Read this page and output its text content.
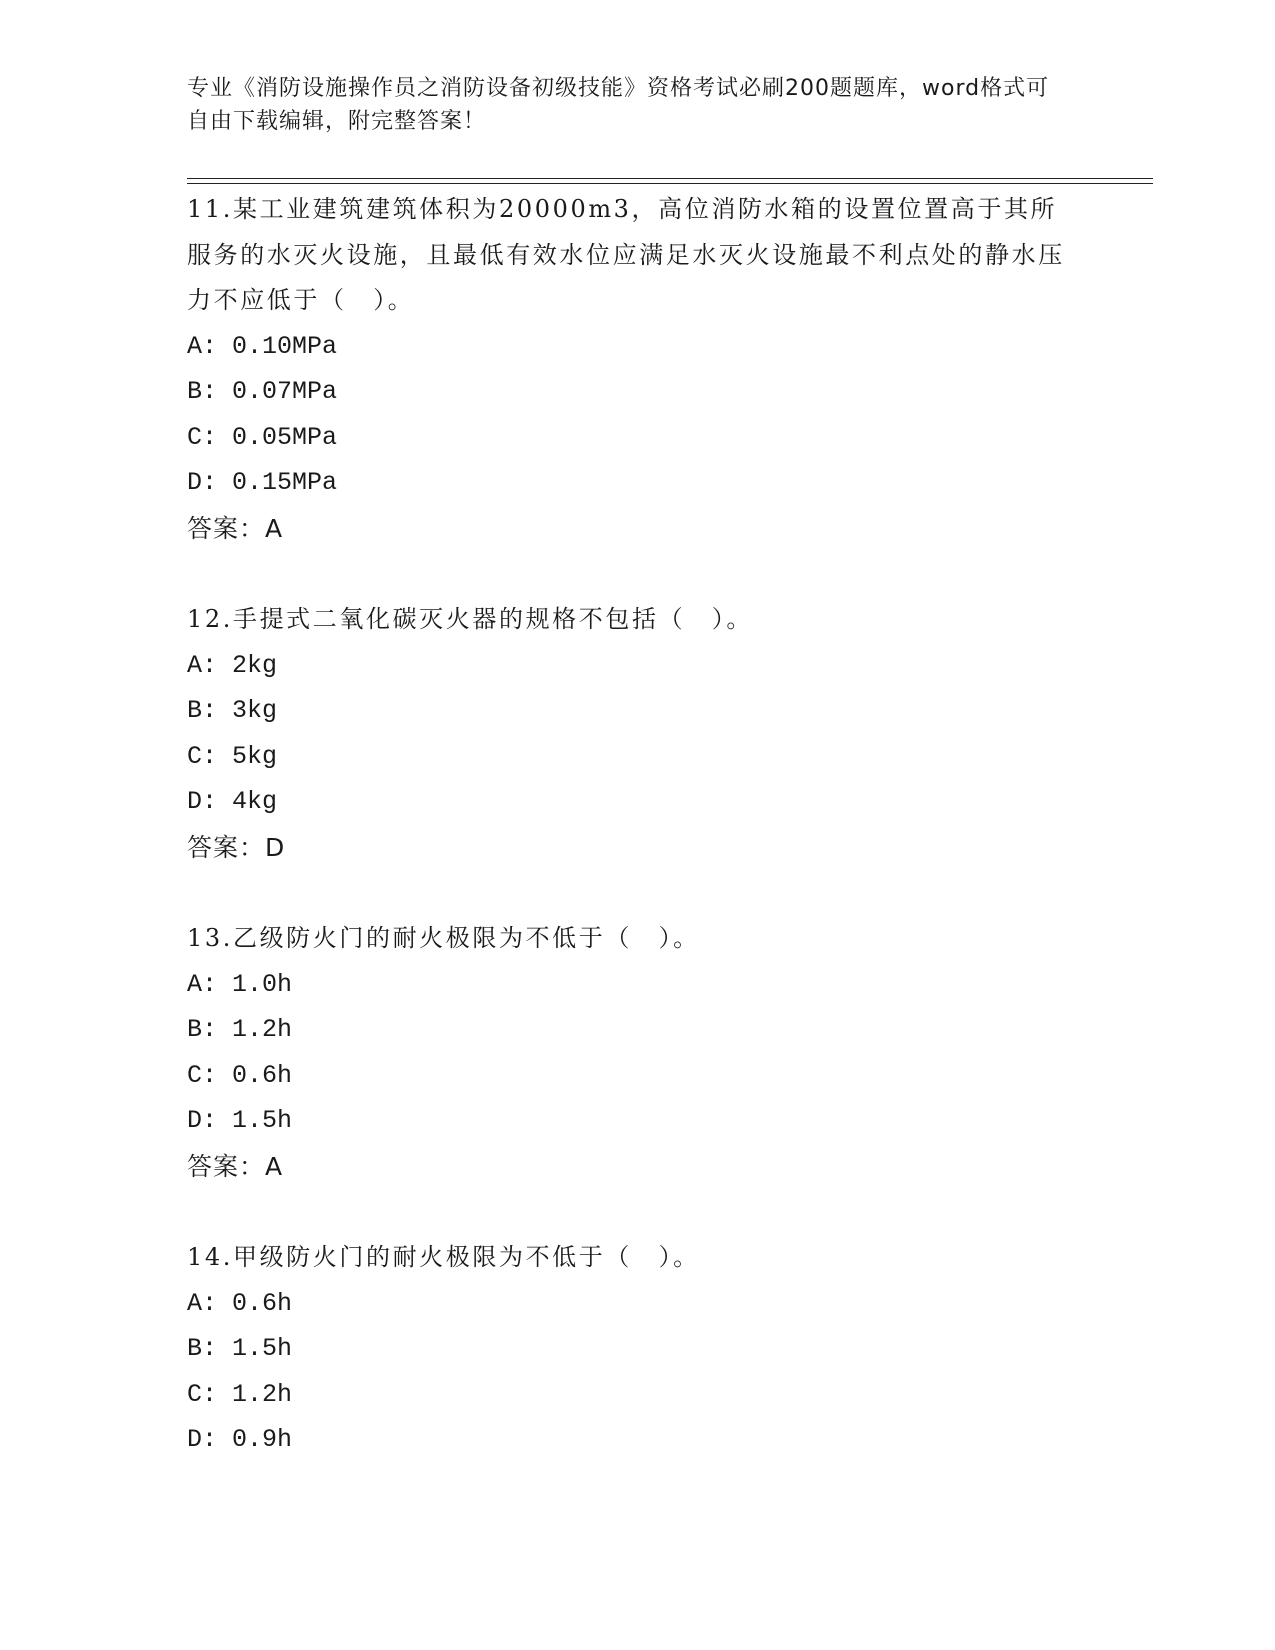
专业《消防设施操作员之消防设备初级技能》资格考试必刷200题题库，word格式可自由下载编辑，附完整答案！

11.某工业建筑建筑体积为20000m3，高位消防水箱的设置位置高于其所服务的水灭火设施，且最低有效水位应满足水灭火设施最不利点处的静水压力不应低于（　）。

A: 0.10MPa

B: 0.07MPa

C: 0.05MPa

D: 0.15MPa

答案：A

12.手提式二氧化碳灭火器的规格不包括（　）。

A: 2kg

B: 3kg

C: 5kg

D: 4kg

答案：D

13.乙级防火门的耐火极限为不低于（　）。

A: 1.0h

B: 1.2h

C: 0.6h

D: 1.5h

答案：A

14.甲级防火门的耐火极限为不低于（　）。

A: 0.6h

B: 1.5h

C: 1.2h

D: 0.9h
